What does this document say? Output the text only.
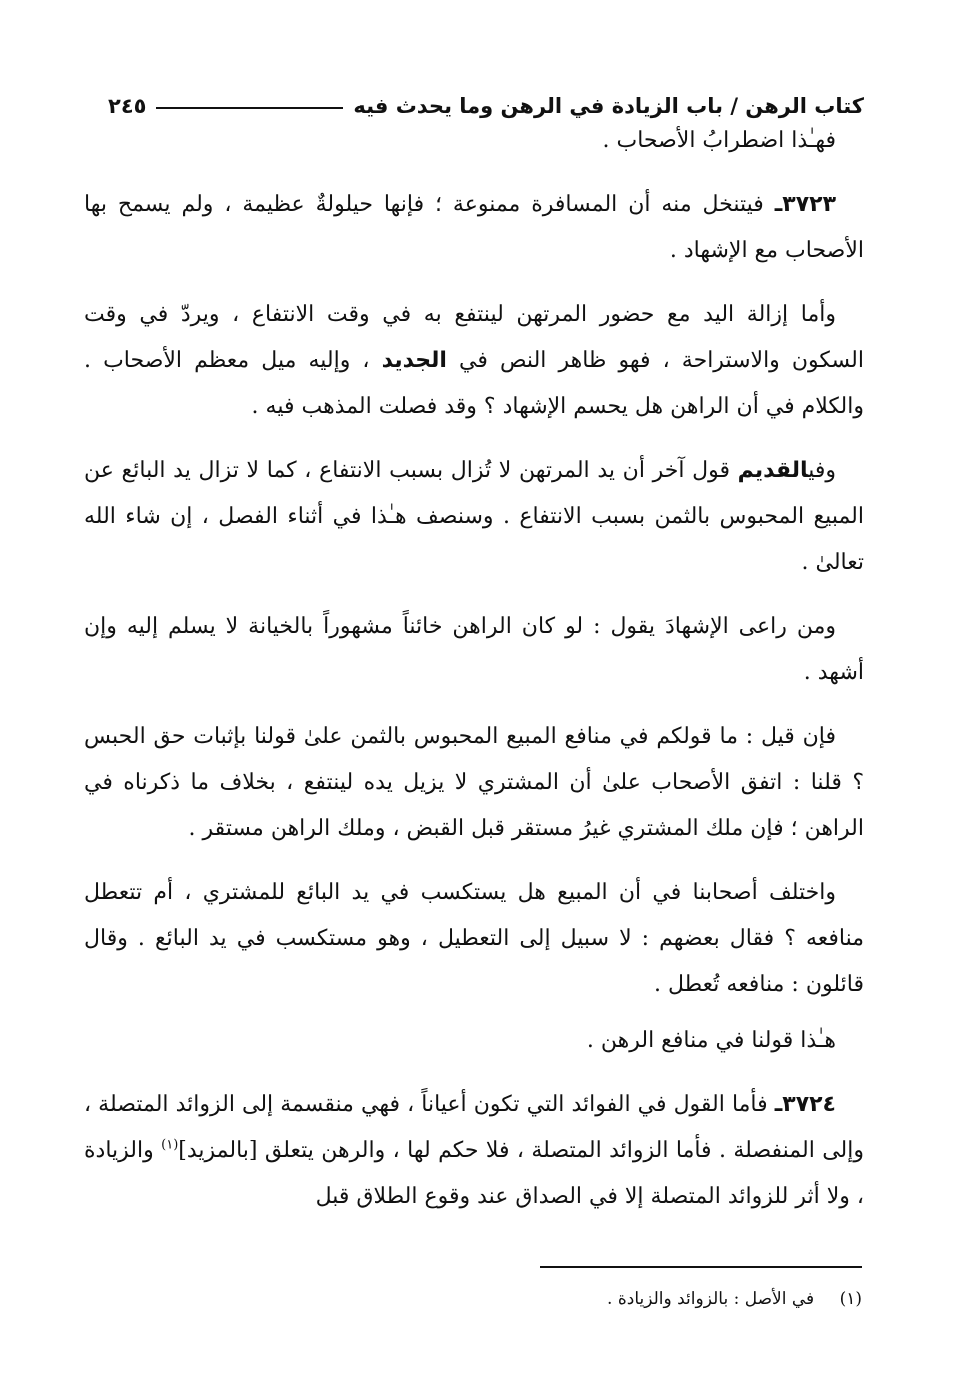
كتاب الرهن / باب الزيادة في الرهن وما يحدث فيه
٢٤٥

فهـٰذا اضطرابُ الأصحاب .

٣٧٢٣ـ فيتنخل منه أن المسافرة ممنوعة ؛ فإنها حيلولةٌ عظيمة ، ولم يسمح بها الأصحاب مع الإشهاد .

وأما إزالة اليد مع حضور المرتهن لينتفع به في وقت الانتفاع ، ويردّ في وقت السكون والاستراحة ، فهو ظاهر النص في الجديد ، وإليه ميل معظم الأصحاب . والكلام في أن الراهن هل يحسم الإشهاد ؟ وقد فصلت المذهب فيه .

وفيالقديم قول آخر أن يد المرتهن لا تُزال بسبب الانتفاع ، كما لا تزال يد البائع عن المبيع المحبوس بالثمن بسبب الانتفاع . وسنصف هـٰذا في أثناء الفصل ، إن شاء الله تعالىٰ .

ومن راعى الإشهادَ يقول : لو كان الراهن خائناً مشهوراً بالخيانة لا يسلم إليه وإن أشهد .

فإن قيل : ما قولكم في منافع المبيع المحبوس بالثمن علىٰ قولنا بإثبات حق الحبس ؟ قلنا : اتفق الأصحاب علىٰ أن المشتري لا يزيل يده لينتفع ، بخلاف ما ذكرناه في الراهن ؛ فإن ملك المشتري غيرُ مستقر قبل القبض ، وملك الراهن مستقر .

واختلف أصحابنا في أن المبيع هل يستكسب في يد البائع للمشتري ، أم تتعطل منافعه ؟ فقال بعضهم : لا سبيل إلى التعطيل ، وهو مستكسب في يد البائع . وقال قائلون : منافعه تُعطل .

هـٰذا قولنا في منافع الرهن .

٣٧٢٤ـ فأما القول في الفوائد التي تكون أعياناً ، فهي منقسمة إلى الزوائد المتصلة ، وإلى المنفصلة . فأما الزوائد المتصلة ، فلا حكم لها ، والرهن يتعلق [بالمزيد]$^{(١)}$ والزيادة ، ولا أثر للزوائد المتصلة إلا في الصداق عند وقوع الطلاق قبل

(١) في الأصل : بالزوائد والزيادة .
